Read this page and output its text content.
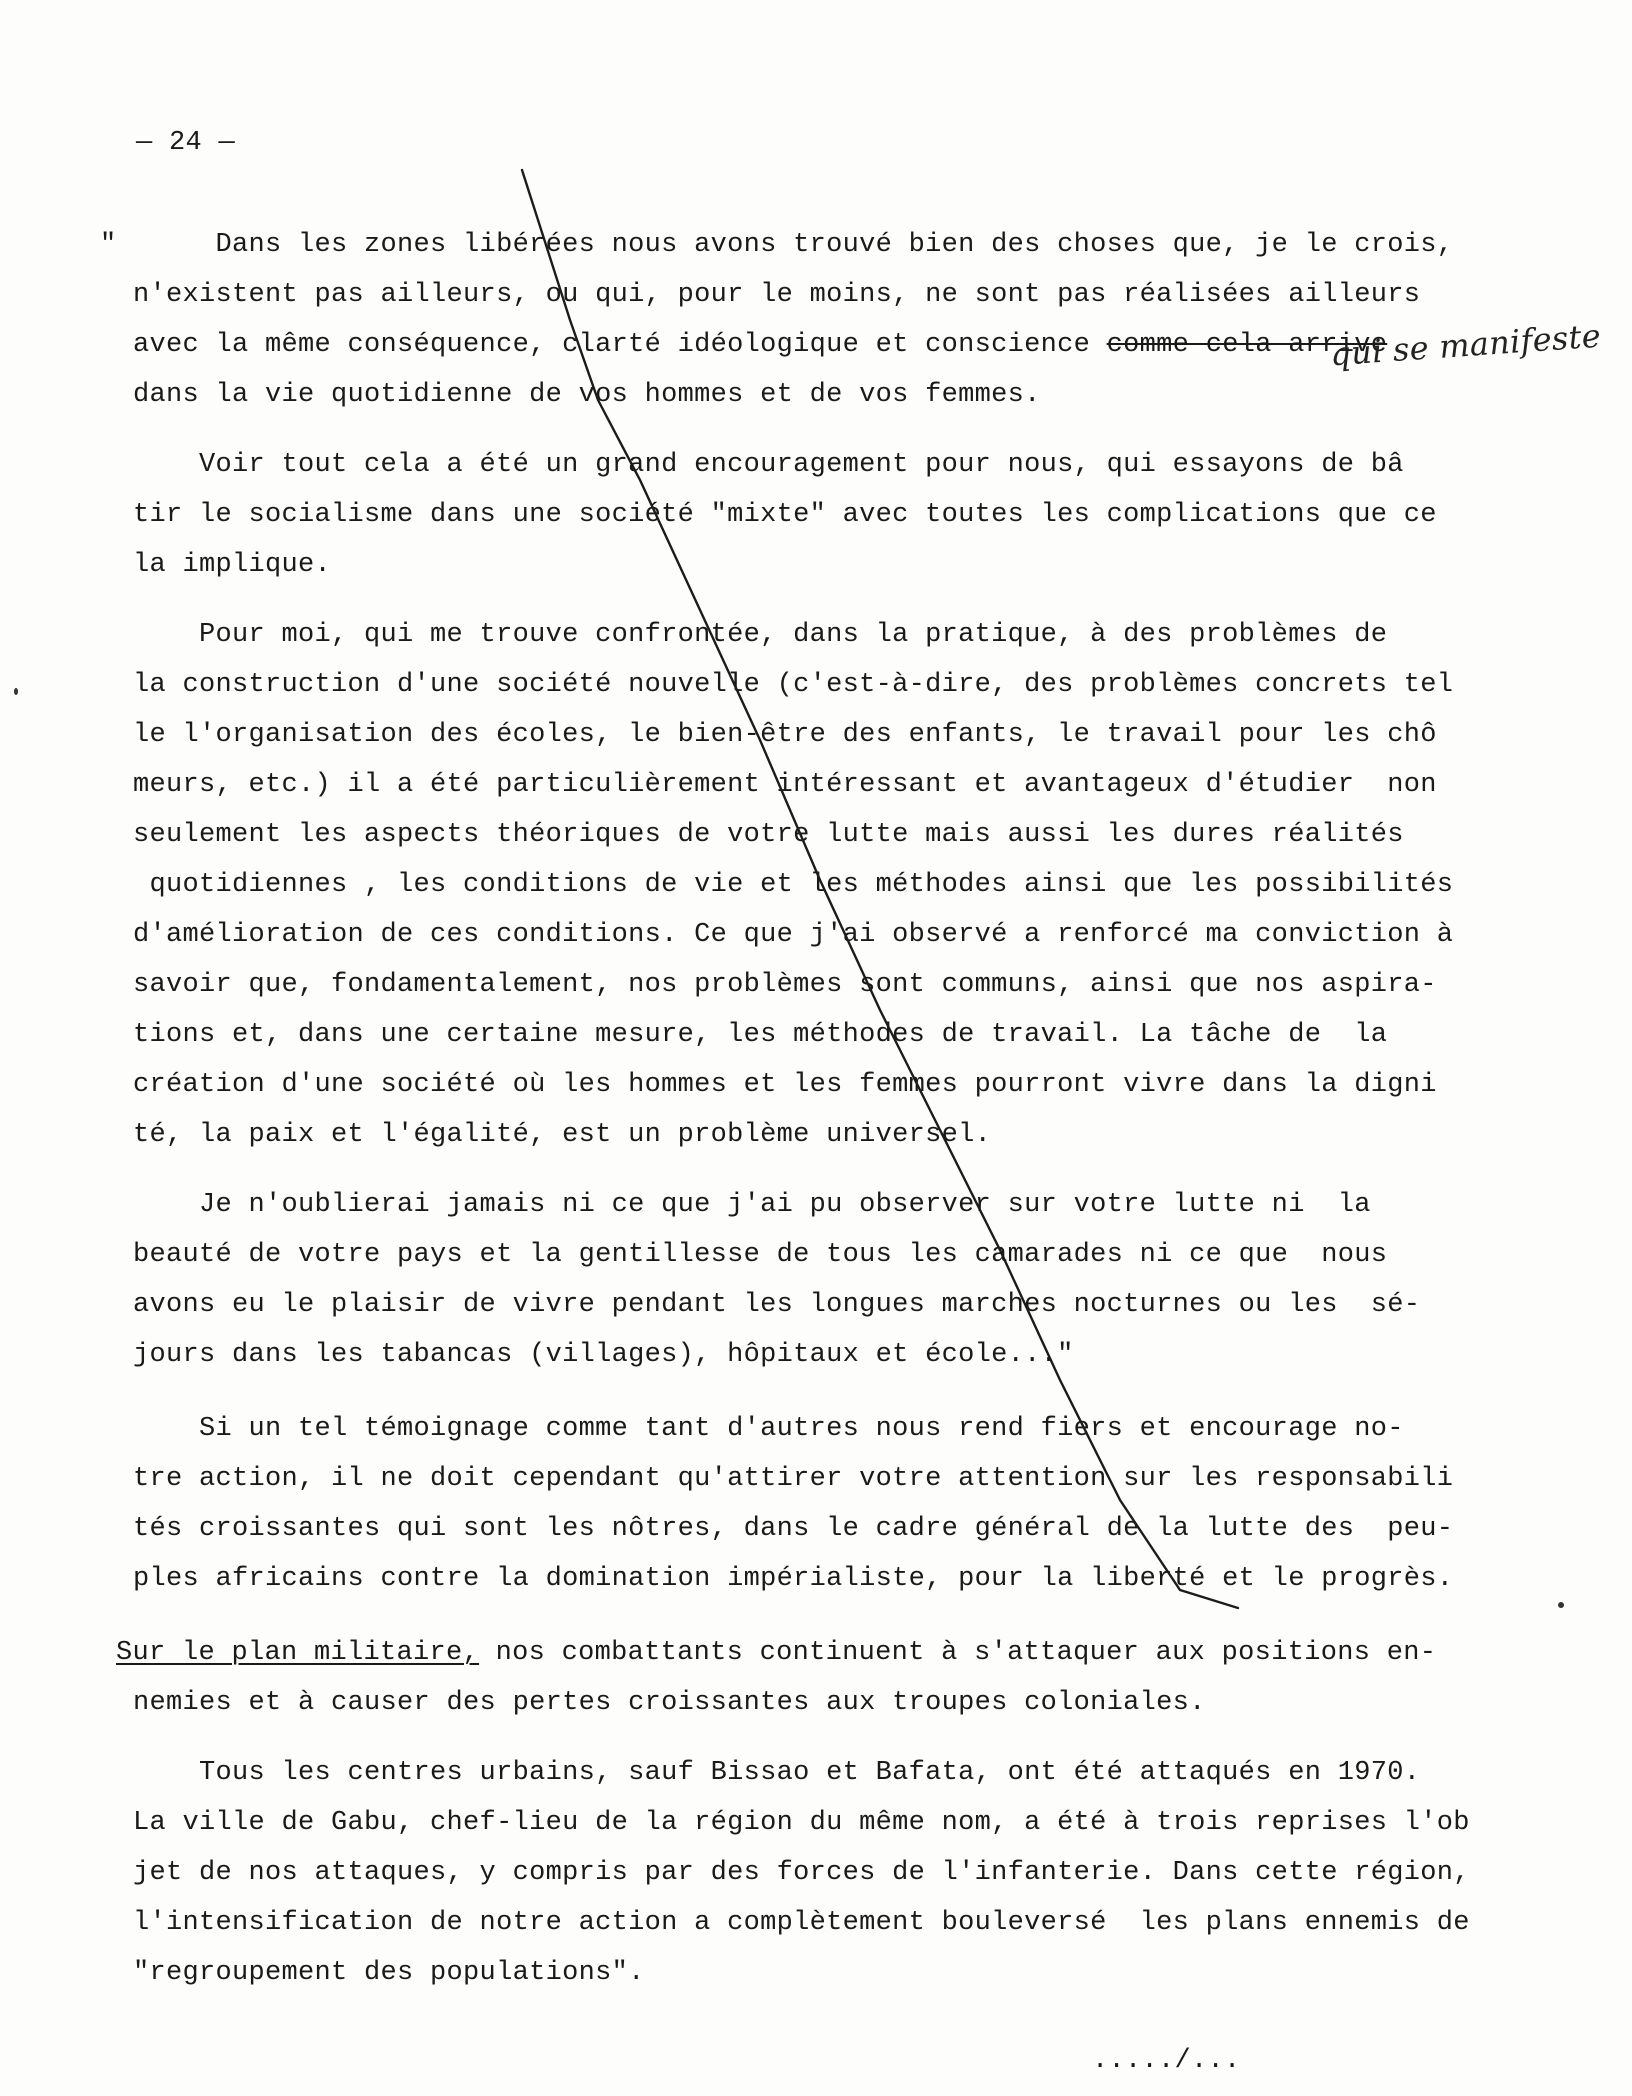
— 24 —
"      Dans les zones libérées nous avons trouvé bien des choses que, je le crois,
n'existent pas ailleurs, ou qui, pour le moins, ne sont pas réalisées ailleurs
avec la même conséquence, clarté idéologique et conscience comme cela arrive
dans la vie quotidienne de vos hommes et de vos femmes.
qui se manifeste
Voir tout cela a été un grand encouragement pour nous, qui essayons de bâ
tir le socialisme dans une société "mixte" avec toutes les complications que ce
la implique.
Pour moi, qui me trouve confrontée, dans la pratique, à des problèmes de
la construction d'une société nouvelle (c'est-à-dire, des problèmes concrets tel
le l'organisation des écoles, le bien-être des enfants, le travail pour les chô
meurs, etc.) il a été particulièrement intéressant et avantageux d'étudier  non
seulement les aspects théoriques de votre lutte mais aussi les dures réalités
quotidiennes , les conditions de vie et les méthodes ainsi que les possibilités
d'amélioration de ces conditions. Ce que j'ai observé a renforcé ma conviction à
savoir que, fondamentalement, nos problèmes sont communs, ainsi que nos aspira-
tions et, dans une certaine mesure, les méthodes de travail. La tâche de  la
création d'une société où les hommes et les femmes pourront vivre dans la digni
té, la paix et l'égalité, est un problème universel.
Je n'oublierai jamais ni ce que j'ai pu observer sur votre lutte ni  la
beauté de votre pays et la gentillesse de tous les camarades ni ce que  nous
avons eu le plaisir de vivre pendant les longues marches nocturnes ou les  sé-
jours dans les tabancas (villages), hôpitaux et école..."
Si un tel témoignage comme tant d'autres nous rend fiers et encourage no-
tre action, il ne doit cependant qu'attirer votre attention sur les responsabili
tés croissantes qui sont les nôtres, dans le cadre général de la lutte des  peu-
ples africains contre la domination impérialiste, pour la liberté et le progrès.
Sur le plan militaire, nos combattants continuent à s'attaquer aux positions en-
nemies et à causer des pertes croissantes aux troupes coloniales.
Tous les centres urbains, sauf Bissao et Bafata, ont été attaqués en 1970.
La ville de Gabu, chef-lieu de la région du même nom, a été à trois reprises l'ob
jet de nos attaques, y compris par des forces de l'infanterie. Dans cette région,
l'intensification de notre action a complètement bouleversé  les plans ennemis de
"regroupement des populations".
...../...
